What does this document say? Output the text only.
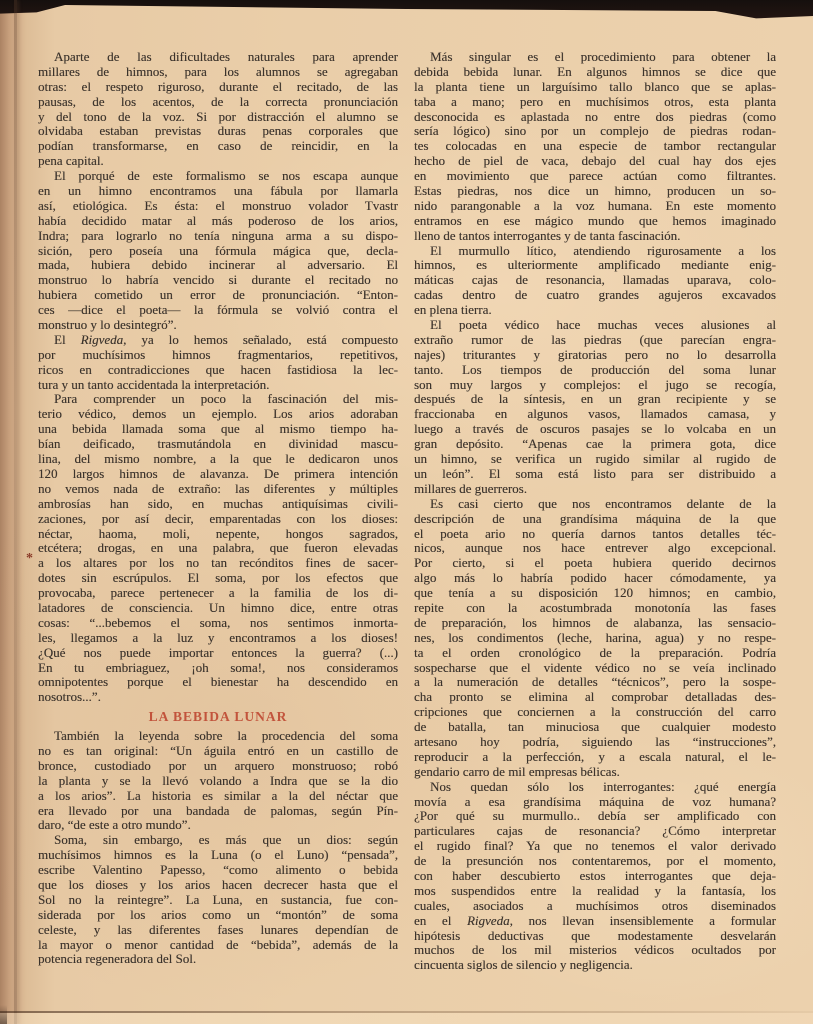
Aparte de las dificultades naturales para aprender
millares de himnos, para los alumnos se agregaban
otras: el respeto riguroso, durante el recitado, de las
pausas, de los acentos, de la correcta pronunciación
y del tono de la voz. Si por distracción el alumno se
olvidaba estaban previstas duras penas corporales que
podían transformarse, en caso de reincidir, en la
pena capital.
El porqué de este formalismo se nos escapa aunque
en un himno encontramos una fábula por llamarla
así, etiológica. Es ésta: el monstruo volador Tvastr
había decidido matar al más poderoso de los arios,
Indra; para lograrlo no tenía ninguna arma a su dispo-
sición, pero poseía una fórmula mágica que, decla-
mada, hubiera debido incinerar al adversario. El
monstruo lo habría vencido si durante el recitado no
hubiera cometido un error de pronunciación. “Enton-
ces —dice el poeta— la fórmula se volvió contra el
monstruo y lo desintegró”.
El Rigveda, ya lo hemos señalado, está compuesto
por muchísimos himnos fragmentarios, repetitivos,
ricos en contradicciones que hacen fastidiosa la lec-
tura y un tanto accidentada la interpretación.
Para comprender un poco la fascinación del mis-
terio védico, demos un ejemplo. Los arios adoraban
una bebida llamada soma que al mismo tiempo ha-
bían deificado, trasmutándola en divinidad mascu-
lina, del mismo nombre, a la que le dedicaron unos
120 largos himnos de alavanza. De primera intención
no vemos nada de extraño: las diferentes y múltiples
ambrosías han sido, en muchas antiquísimas civili-
zaciones, por así decir, emparentadas con los dioses:
néctar, haoma, moli, nepente, hongos sagrados,
etcétera; drogas, en una palabra, que fueron elevadas
a los altares por los no tan recónditos fines de sacer-
dotes sin escrúpulos. El soma, por los efectos que
provocaba, parece pertenecer a la familia de los di-
latadores de consciencia. Un himno dice, entre otras
cosas: “...bebemos el soma, nos sentimos inmorta-
les, llegamos a la luz y encontramos a los dioses!
¿Qué nos puede importar entonces la guerra? (...)
En tu embriaguez, ¡oh soma!, nos consideramos
omnipotentes porque el bienestar ha descendido en
nosotros...”.
LA BEBIDA LUNAR
También la leyenda sobre la procedencia del soma
no es tan original: “Un águila entró en un castillo de
bronce, custodiado por un arquero monstruoso; robó
la planta y se la llevó volando a Indra que se la dio
a los arios”. La historia es similar a la del néctar que
era llevado por una bandada de palomas, según Pín-
daro, “de este a otro mundo”.
Soma, sin embargo, es más que un dios: según
muchísimos himnos es la Luna (o el Luno) “pensada”,
escribe Valentino Papesso, “como alimento o bebida
que los dioses y los arios hacen decrecer hasta que el
Sol no la reintegre”. La Luna, en sustancia, fue con-
siderada por los arios como un “montón” de soma
celeste, y las diferentes fases lunares dependían de
la mayor o menor cantidad de “bebida”, además de la
potencia regeneradora del Sol.
Más singular es el procedimiento para obtener la
debida bebida lunar. En algunos himnos se dice que
la planta tiene un larguísimo tallo blanco que se aplas-
taba a mano; pero en muchísimos otros, esta planta
desconocida es aplastada no entre dos piedras (como
sería lógico) sino por un complejo de piedras rodan-
tes colocadas en una especie de tambor rectangular
hecho de piel de vaca, debajo del cual hay dos ejes
en movimiento que parece actúan como filtrantes.
Estas piedras, nos dice un himno, producen un so-
nido parangonable a la voz humana. En este momento
entramos en ese mágico mundo que hemos imaginado
lleno de tantos interrogantes y de tanta fascinación.
El murmullo lítico, atendiendo rigurosamente a los
himnos, es ulteriormente amplificado mediante enig-
máticas cajas de resonancia, llamadas uparava, colo-
cadas dentro de cuatro grandes agujeros excavados
en plena tierra.
El poeta védico hace muchas veces alusiones al
extraño rumor de las piedras (que parecían engra-
najes) triturantes y giratorias pero no lo desarrolla
tanto. Los tiempos de producción del soma lunar
son muy largos y complejos: el jugo se recogía,
después de la síntesis, en un gran recipiente y se
fraccionaba en algunos vasos, llamados camasa, y
luego a través de oscuros pasajes se lo volcaba en un
gran depósito. “Apenas cae la primera gota, dice
un himno, se verifica un rugido similar al rugido de
un león”. El soma está listo para ser distribuido a
millares de guerreros.
Es casi cierto que nos encontramos delante de la
descripción de una grandísima máquina de la que
el poeta ario no quería darnos tantos detalles téc-
nicos, aunque nos hace entrever algo excepcional.
Por cierto, si el poeta hubiera querido decirnos
algo más lo habría podido hacer cómodamente, ya
que tenía a su disposición 120 himnos; en cambio,
repite con la acostumbrada monotonía las fases
de preparación, los himnos de alabanza, las sensacio-
nes, los condimentos (leche, harina, agua) y no respe-
ta el orden cronológico de la preparación. Podría
sospecharse que el vidente védico no se veía inclinado
a la numeración de detalles “técnicos”, pero la sospe-
cha pronto se elimina al comprobar detalladas des-
cripciones que conciernen a la construcción del carro
de batalla, tan minuciosa que cualquier modesto
artesano hoy podría, siguiendo las “instrucciones”,
reproducir a la perfección, y a escala natural, el le-
gendario carro de mil empresas bélicas.
Nos quedan sólo los interrogantes: ¿qué energía
movía a esa grandísima máquina de voz humana?
¿Por qué su murmullo.. debía ser amplificado con
particulares cajas de resonancia? ¿Cómo interpretar
el rugido final? Ya que no tenemos el valor derivado
de la presunción nos contentaremos, por el momento,
con haber descubierto estos interrogantes que deja-
mos suspendidos entre la realidad y la fantasía, los
cuales, asociados a muchísimos otros diseminados
en el Rigveda, nos llevan insensiblemente a formular
hipótesis deductivas que modestamente desvelarán
muchos de los mil misterios védicos ocultados por
cincuenta siglos de silencio y negligencia.
*
